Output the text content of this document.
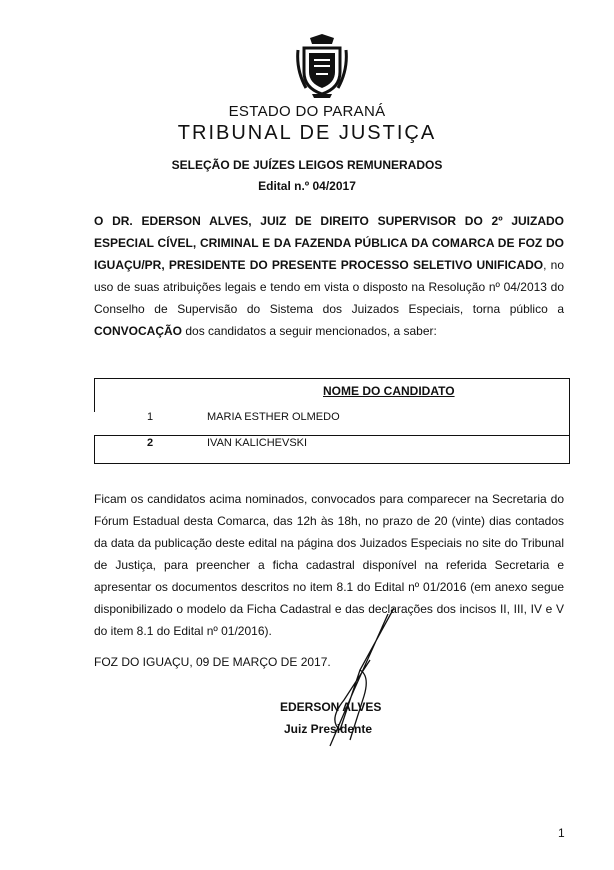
ESTADO DO PARANÁ
TRIBUNAL DE JUSTIÇA
SELEÇÃO DE JUÍZES LEIGOS REMUNERADOS
Edital n.º 04/2017
O DR. EDERSON ALVES, JUIZ DE DIREITO SUPERVISOR DO 2º JUIZADO ESPECIAL CÍVEL, CRIMINAL E DA FAZENDA PÚBLICA DA COMARCA DE FOZ DO IGUAÇU/PR, PRESIDENTE DO PRESENTE PROCESSO SELETIVO UNIFICADO, no uso de suas atribuições legais e tendo em vista o disposto na Resolução nº 04/2013 do Conselho de Supervisão do Sistema dos Juizados Especiais, torna público a CONVOCAÇÃO dos candidatos a seguir mencionados, a saber:
	NOME DO CANDIDATO
1	MARIA ESTHER OLMEDO
2	IVAN KALICHEVSKI
Ficam os candidatos acima nominados, convocados para comparecer na Secretaria do Fórum Estadual desta Comarca, das 12h às 18h, no prazo de 20 (vinte) dias contados da data da publicação deste edital na página dos Juizados Especiais no site do Tribunal de Justiça, para preencher a ficha cadastral disponível na referida Secretaria e apresentar os documentos descritos no item 8.1 do Edital nº 01/2016 (em anexo segue disponibilizado o modelo da Ficha Cadastral e das declarações dos incisos II, III, IV e V do item 8.1 do Edital nº 01/2016).
FOZ DO IGUAÇU, 09 DE MARÇO DE 2017.
EDERSON ALVES
Juiz Presidente
1
